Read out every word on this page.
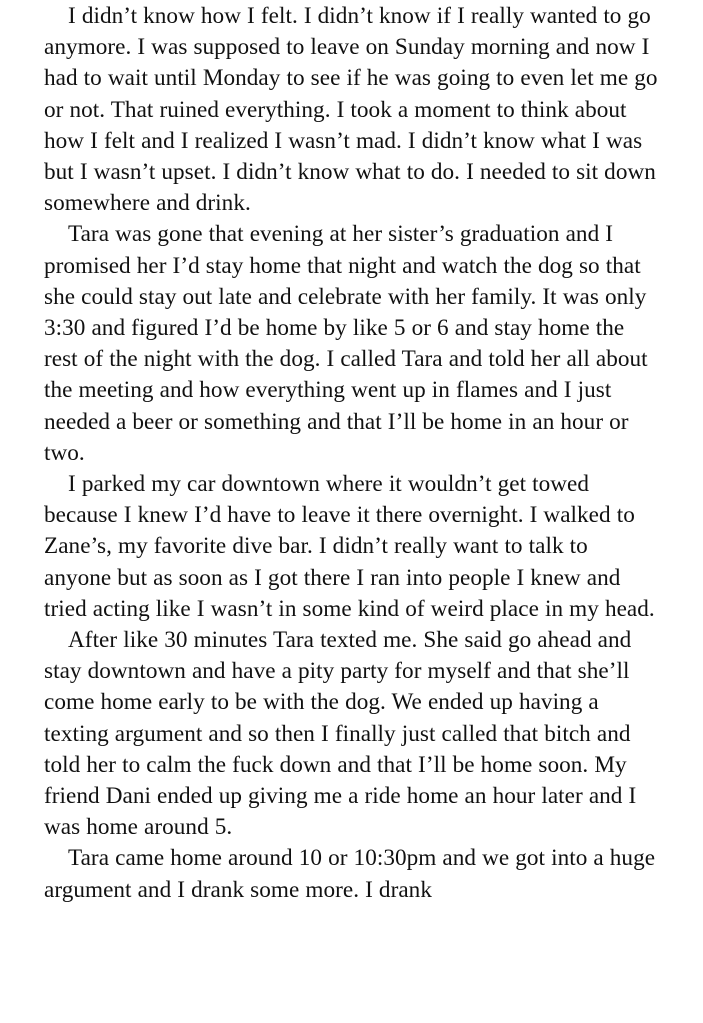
I didn’t know how I felt. I didn’t know if I really wanted to go anymore. I was supposed to leave on Sunday morning and now I had to wait until Monday to see if he was going to even let me go or not. That ruined everything. I took a moment to think about how I felt and I realized I wasn’t mad. I didn’t know what I was but I wasn’t upset. I didn’t know what to do. I needed to sit down somewhere and drink.

Tara was gone that evening at her sister’s graduation and I promised her I’d stay home that night and watch the dog so that she could stay out late and celebrate with her family. It was only 3:30 and figured I’d be home by like 5 or 6 and stay home the rest of the night with the dog. I called Tara and told her all about the meeting and how everything went up in flames and I just needed a beer or something and that I’ll be home in an hour or two.

I parked my car downtown where it wouldn’t get towed because I knew I’d have to leave it there overnight. I walked to Zane’s, my favorite dive bar. I didn’t really want to talk to anyone but as soon as I got there I ran into people I knew and tried acting like I wasn’t in some kind of weird place in my head.

After like 30 minutes Tara texted me. She said go ahead and stay downtown and have a pity party for myself and that she’ll come home early to be with the dog. We ended up having a texting argument and so then I finally just called that bitch and told her to calm the fuck down and that I’ll be home soon. My friend Dani ended up giving me a ride home an hour later and I was home around 5.

Tara came home around 10 or 10:30pm and we got into a huge argument and I drank some more. I drank
